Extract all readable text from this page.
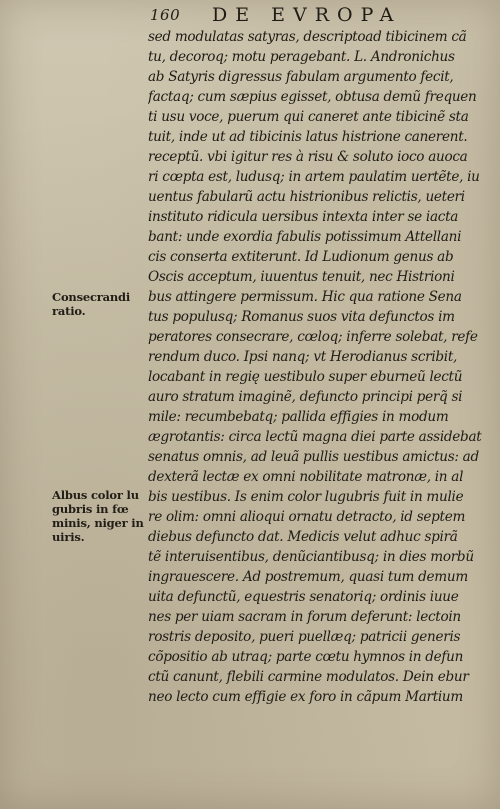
160 DE EVROPA
Consecrandi
ratio.
Albus color lu
gubris in fœ
minis, niger in
uiris.
sed modulatas satyras, descriptoad tibicinem cã
tu, decoroq; motu peragebant. L. Andronichus
ab Satyris digressus fabulam argumento fecit,
factaq; cum sæpius egisset, obtusa demũ frequen
ti usu voce, puerum qui caneret ante tibicinẽ sta
tuit, inde ut ad tibicinis latus histrione canerent.
receptũ. vbi igitur res à risu & soluto ioco auoca
ri cœpta est, ludusq; in artem paulatim uertẽte, iu
uentus fabularũ actu histrionibus relictis, ueteri
instituto ridicula uersibus intexta inter se iacta
bant: unde exordia fabulis potissimum Attellani
cis conserta extiterunt. Id Ludionum genus ab
Oscis acceptum, iuuentus tenuit, nec Histrioni
bus attingere permissum. Hic qua ratione Sena
tus populusq; Romanus suos vita defunctos im
peratores consecrare, cœloq; inferre solebat, refe
rendum duco. Ipsi nanq; vt Herodianus scribit,
locabant in regię uestibulo super eburneũ lectũ
auro stratum imaginẽ, defuncto principi perq̃ si
mile: recumbebatq; pallida effigies in modum
ægrotantis: circa lectũ magna diei parte assidebat
senatus omnis, ad leuã pullis uestibus amictus: ad
dexterã lectæ ex omni nobilitate matronæ, in al
bis uestibus. Is enim color lugubris fuit in mulie
re olim: omni alioqui ornatu detracto, id septem
diebus defuncto dat. Medicis velut adhuc spirã
tẽ interuisentibus, denũciantibusq; in dies morbũ
ingrauescere. Ad postremum, quasi tum demum
uita defunctũ, equestris senatoriq; ordinis iuue
nes per uiam sacram in forum deferunt: lectoin
rostris deposito, pueri puellæq; patricii generis
cõpositio ab utraq; parte cœtu hymnos in defun
ctũ canunt, flebili carmine modulatos. Dein ebur
neo lecto cum effigie ex foro in cãpum Martium
